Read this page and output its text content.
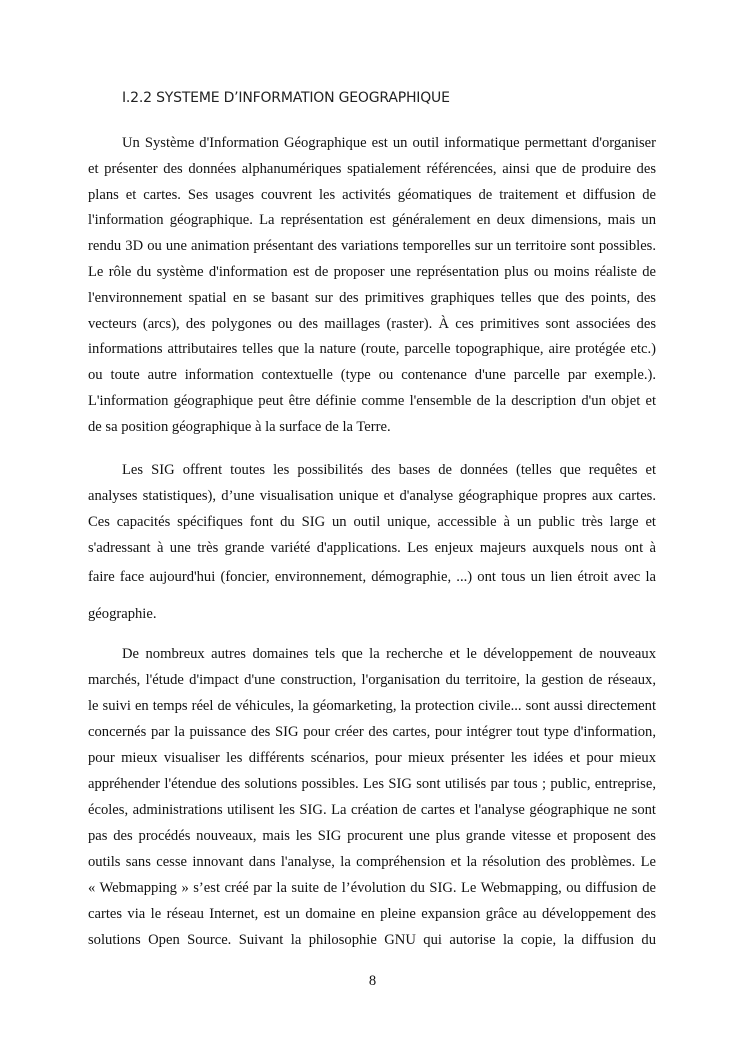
I.2.2 SYSTEME D’INFORMATION GEOGRAPHIQUE
Un Système d'Information Géographique est un outil informatique permettant d'organiser
et présenter des données alphanumériques spatialement référencées, ainsi que de produire des
plans et cartes. Ses usages couvrent les activités géomatiques de traitement et diffusion de
l'information géographique. La représentation est généralement en deux dimensions, mais un
rendu 3D ou une animation présentant des variations temporelles sur un territoire sont possibles.
Le rôle du système d'information est de proposer une représentation plus ou moins réaliste de
l'environnement spatial en se basant sur des primitives graphiques telles que des points, des
vecteurs (arcs), des polygones ou des maillages (raster). À ces primitives sont associées des
informations attributaires telles que la nature (route, parcelle topographique, aire protégée etc.)
ou toute autre information contextuelle (type ou contenance d'une parcelle par exemple.).
L'information géographique peut être définie comme l'ensemble de la description d'un objet et
de sa position géographique à la surface de la Terre.
Les SIG offrent toutes les possibilités des bases de données (telles que requêtes et
analyses statistiques), d’une visualisation unique et d'analyse géographique propres aux cartes.
Ces capacités spécifiques font du SIG un outil unique, accessible à un public très large et
s'adressant à une très grande variété d'applications. Les enjeux majeurs auxquels nous ont à
faire face aujourd'hui (foncier, environnement, démographie, ...) ont tous un lien étroit avec la
géographie.
De nombreux autres domaines tels que la recherche et le développement de nouveaux
marchés, l'étude d'impact d'une construction, l'organisation du territoire, la gestion de réseaux,
le suivi en temps réel de véhicules, la géomarketing, la protection civile... sont aussi directement
concernés par la puissance des SIG pour créer des cartes, pour intégrer tout type d'information,
pour mieux visualiser les différents scénarios, pour mieux présenter les idées et pour mieux
appréhender l'étendue des solutions possibles. Les SIG sont utilisés par tous ; public, entreprise,
écoles, administrations utilisent les SIG. La création de cartes et l'analyse géographique ne sont
pas des procédés nouveaux, mais les SIG procurent une plus grande vitesse et proposent des
outils sans cesse innovant dans l'analyse, la compréhension et la résolution des problèmes. Le
« Webmapping » s’est créé par la suite de l’évolution du SIG. Le Webmapping, ou diffusion de
cartes via le réseau Internet, est un domaine en pleine expansion grâce au développement des
solutions Open Source. Suivant la philosophie GNU qui autorise la copie, la diffusion du
8
